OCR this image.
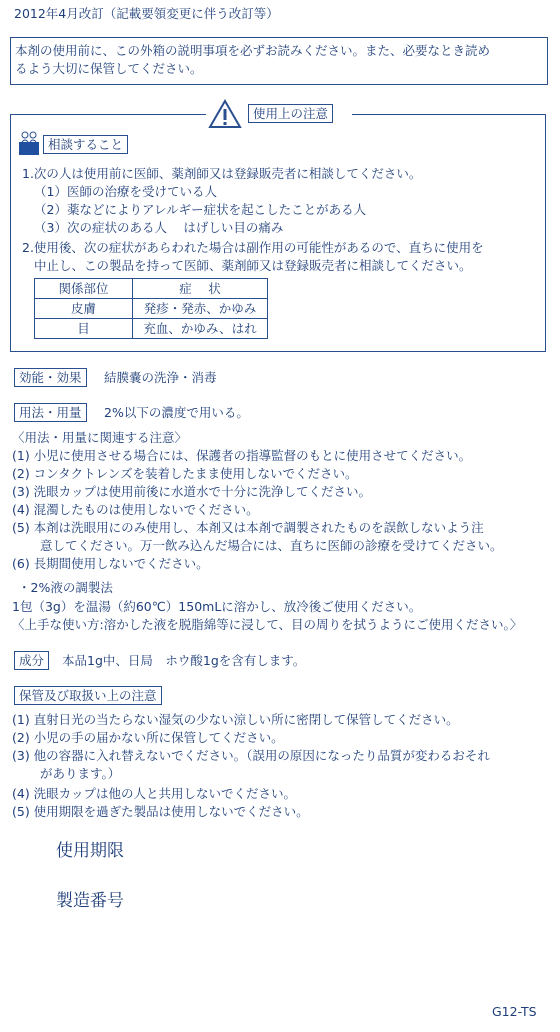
2012年4月改訂（記載要領変更に伴う改訂等）
本剤の使用前に、この外箱の説明事項を必ずお読みください。また、必要なとき読め
るよう大切に保管してください。
使用上の注意
相談すること
1.次の人は使用前に医師、薬剤師又は登録販売者に相談してください。
（1）医師の治療を受けている人
（2）薬などによりアレルギー症状を起こしたことがある人
（3）次の症状のある人　 はげしい目の痛み
2.使用後、次の症状があらわれた場合は副作用の可能性があるので、直ちに使用を
中止し、この製品を持って医師、薬剤師又は登録販売者に相談してください。
関係部位	症　 状
皮膚	発疹・発赤、かゆみ
目	充血、かゆみ、はれ
効能・効果	結膜嚢の洗浄・消毒
用法・用量	2%以下の濃度で用いる。
〈用法・用量に関連する注意〉
(1) 小児に使用させる場合には、保護者の指導監督のもとに使用させてください。
(2) コンタクトレンズを装着したまま使用しないでください。
(3) 洗眼カップは使用前後に水道水で十分に洗浄してください。
(4) 混濁したものは使用しないでください。
(5) 本剤は洗眼用にのみ使用し、本剤又は本剤で調製されたものを誤飲しないよう注
意してください。万一飲み込んだ場合には、直ちに医師の診療を受けてください。
(6) 長期間使用しないでください。
・2%液の調製法
1包（3g）を温湯（約60℃）150mLに溶かし、放冷後ご使用ください。
〈上手な使い方:溶かした液を脱脂綿等に浸して、目の周りを拭うようにご使用ください。〉
成分	本品1g中、日局　ホウ酸1gを含有します。
保管及び取扱い上の注意
(1) 直射日光の当たらない湿気の少ない涼しい所に密閉して保管してください。
(2) 小児の手の届かない所に保管してください。
(3) 他の容器に入れ替えないでください。（誤用の原因になったり品質が変わるおそれ
があります。）
(4) 洗眼カップは他の人と共用しないでください。
(5) 使用期限を過ぎた製品は使用しないでください。
使用期限
製造番号
G12-TS
